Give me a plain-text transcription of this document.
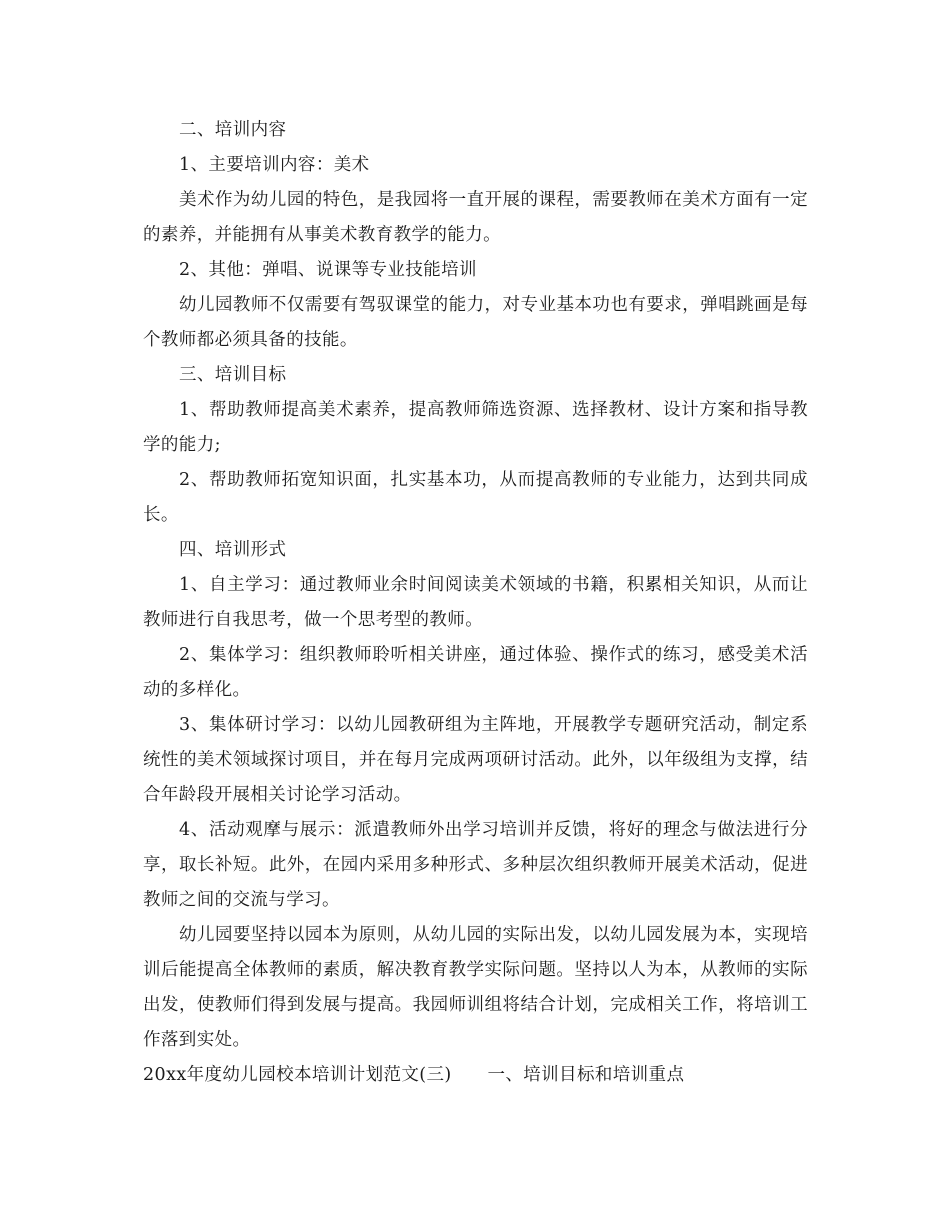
二、培训内容

1、主要培训内容：美术

美术作为幼儿园的特色，是我园将一直开展的课程，需要教师在美术方面有一定的素养，并能拥有从事美术教育教学的能力。

2、其他：弹唱、说课等专业技能培训

幼儿园教师不仅需要有驾驭课堂的能力，对专业基本功也有要求，弹唱跳画是每个教师都必须具备的技能。

三、培训目标

1、帮助教师提高美术素养，提高教师筛选资源、选择教材、设计方案和指导教学的能力;

2、帮助教师拓宽知识面，扎实基本功，从而提高教师的专业能力，达到共同成长。

四、培训形式

1、自主学习：通过教师业余时间阅读美术领域的书籍，积累相关知识，从而让教师进行自我思考，做一个思考型的教师。

2、集体学习：组织教师聆听相关讲座，通过体验、操作式的练习，感受美术活动的多样化。

3、集体研讨学习：以幼儿园教研组为主阵地，开展教学专题研究活动，制定系统性的美术领域探讨项目，并在每月完成两项研讨活动。此外，以年级组为支撑，结合年龄段开展相关讨论学习活动。

4、活动观摩与展示：派遣教师外出学习培训并反馈，将好的理念与做法进行分享，取长补短。此外，在园内采用多种形式、多种层次组织教师开展美术活动，促进教师之间的交流与学习。

幼儿园要坚持以园本为原则，从幼儿园的实际出发，以幼儿园发展为本，实现培训后能提高全体教师的素质，解决教育教学实际问题。坚持以人为本，从教师的实际出发，使教师们得到发展与提高。我园师训组将结合计划，完成相关工作，将培训工作落到实处。

20xx年度幼儿园校本培训计划范文(三)　　一、培训目标和培训重点
